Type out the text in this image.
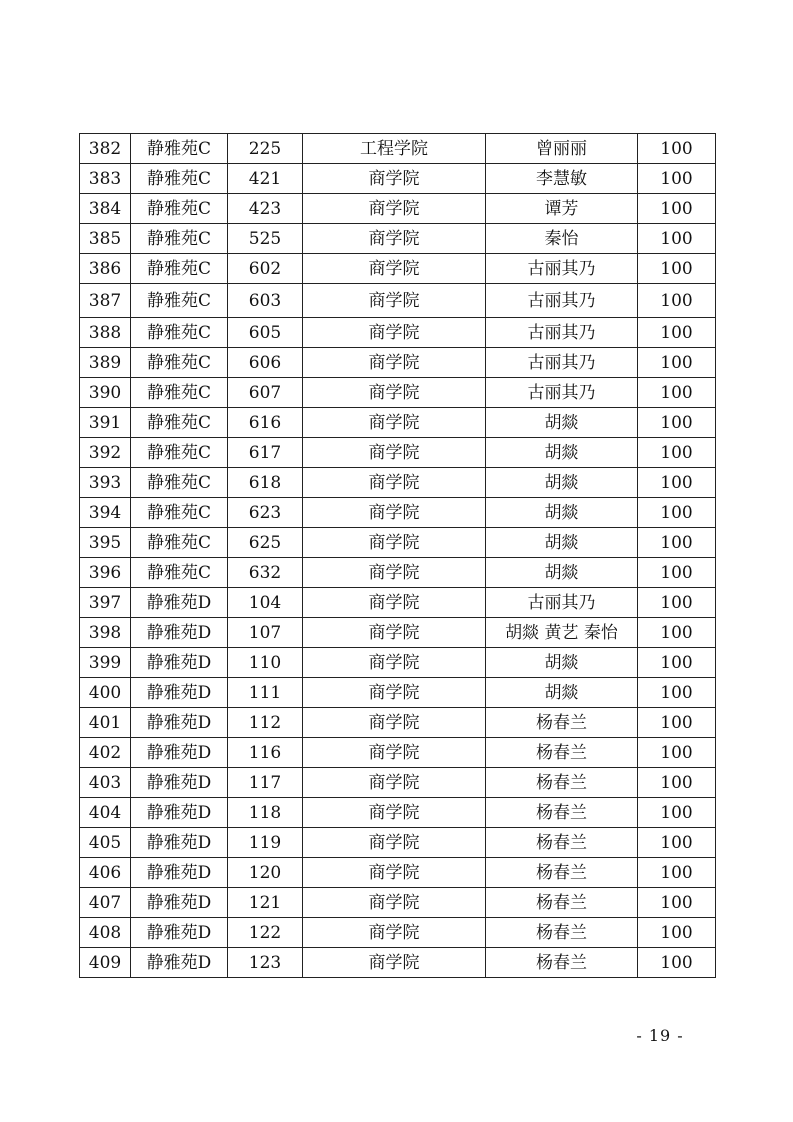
382	静雅苑C	225	工程学院	曾丽丽	100
383	静雅苑C	421	商学院	李慧敏	100
384	静雅苑C	423	商学院	谭芳	100
385	静雅苑C	525	商学院	秦怡	100
386	静雅苑C	602	商学院	古丽其乃	100
387	静雅苑C	603	商学院	古丽其乃	100
388	静雅苑C	605	商学院	古丽其乃	100
389	静雅苑C	606	商学院	古丽其乃	100
390	静雅苑C	607	商学院	古丽其乃	100
391	静雅苑C	616	商学院	胡燚	100
392	静雅苑C	617	商学院	胡燚	100
393	静雅苑C	618	商学院	胡燚	100
394	静雅苑C	623	商学院	胡燚	100
395	静雅苑C	625	商学院	胡燚	100
396	静雅苑C	632	商学院	胡燚	100
397	静雅苑D	104	商学院	古丽其乃	100
398	静雅苑D	107	商学院	胡燚 黄艺 秦怡	100
399	静雅苑D	110	商学院	胡燚	100
400	静雅苑D	111	商学院	胡燚	100
401	静雅苑D	112	商学院	杨春兰	100
402	静雅苑D	116	商学院	杨春兰	100
403	静雅苑D	117	商学院	杨春兰	100
404	静雅苑D	118	商学院	杨春兰	100
405	静雅苑D	119	商学院	杨春兰	100
406	静雅苑D	120	商学院	杨春兰	100
407	静雅苑D	121	商学院	杨春兰	100
408	静雅苑D	122	商学院	杨春兰	100
409	静雅苑D	123	商学院	杨春兰	100
- 19 -
